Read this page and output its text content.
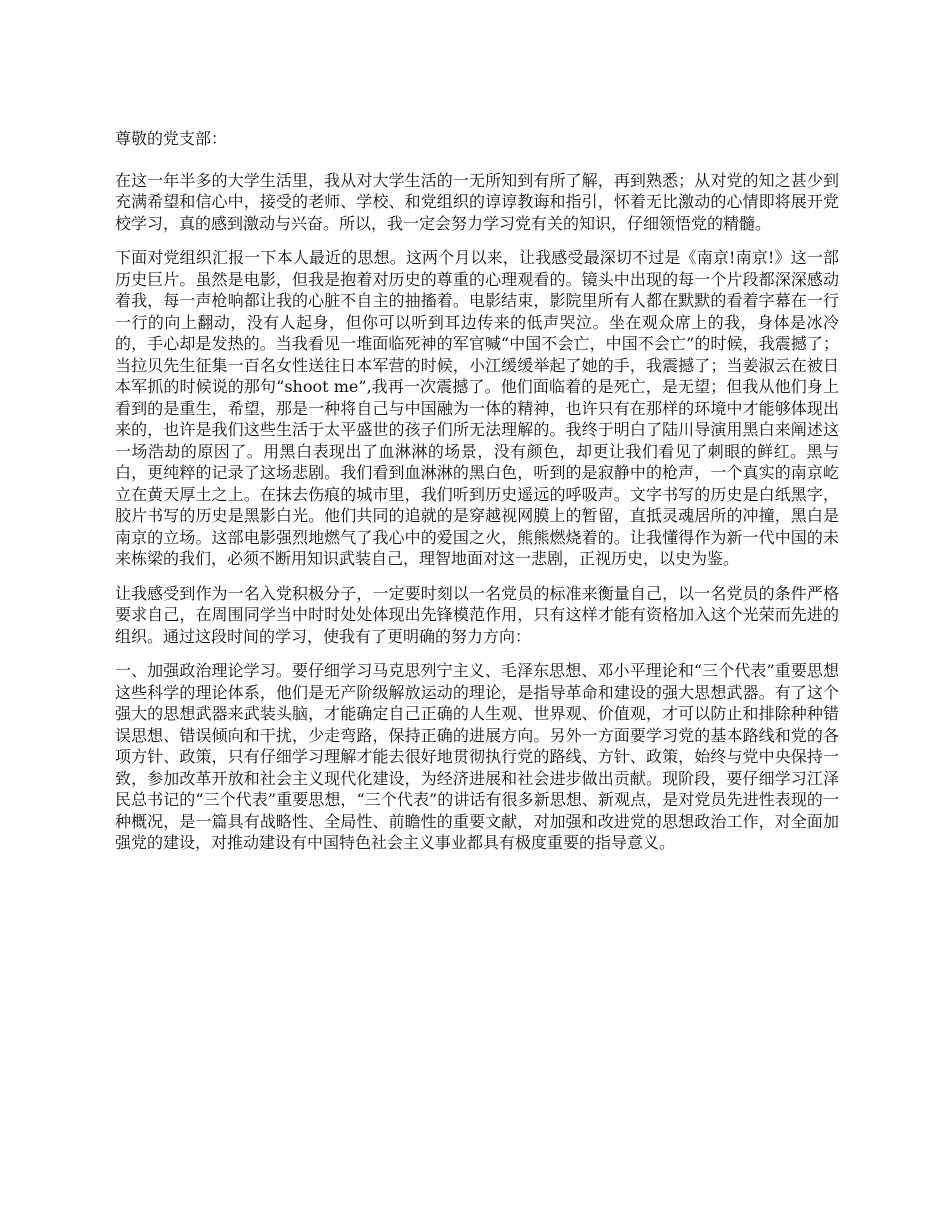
尊敬的党支部：

在这一年半多的大学生活里，我从对大学生活的一无所知到有所了解，再到熟悉；从对党的知之甚少到充满希望和信心中，接受的老师、学校、和党组织的谆谆教诲和指引，怀着无比激动的心情即将展开党校学习，真的感到激动与兴奋。所以，我一定会努力学习党有关的知识，仔细领悟党的精髓。

下面对党组织汇报一下本人最近的思想。这两个月以来，让我感受最深切不过是《南京!南京!》这一部历史巨片。虽然是电影，但我是抱着对历史的尊重的心理观看的。镜头中出现的每一个片段都深深感动着我，每一声枪响都让我的心脏不自主的抽搐着。电影结束，影院里所有人都在默默的看着字幕在一行一行的向上翻动，没有人起身，但你可以听到耳边传来的低声哭泣。坐在观众席上的我，身体是冰冷的，手心却是发热的。当我看见一堆面临死神的军官喊“中国不会亡，中国不会亡”的时候，我震撼了；当拉贝先生征集一百名女性送往日本军营的时候，小江缓缓举起了她的手，我震撼了；当姜淑云在被日本军抓的时候说的那句“shoot me”,我再一次震撼了。他们面临着的是死亡，是无望；但我从他们身上看到的是重生，希望，那是一种将自己与中国融为一体的精神，也许只有在那样的环境中才能够体现出来的，也许是我们这些生活于太平盛世的孩子们所无法理解的。我终于明白了陆川导演用黑白来阐述这一场浩劫的原因了。用黑白表现出了血淋淋的场景，没有颜色，却更让我们看见了刺眼的鲜红。黑与白，更纯粹的记录了这场悲剧。我们看到血淋淋的黑白色，听到的是寂静中的枪声，一个真实的南京屹立在黄天厚土之上。在抹去伤痕的城市里，我们听到历史遥远的呼吸声。文字书写的历史是白纸黑字，胶片书写的历史是黑影白光。他们共同的追就的是穿越视网膜上的暂留，直抵灵魂居所的冲撞，黑白是南京的立场。这部电影强烈地燃气了我心中的爱国之火，熊熊燃烧着的。让我懂得作为新一代中国的未来栋梁的我们，必须不断用知识武装自己，理智地面对这一悲剧，正视历史，以史为鉴。

让我感受到作为一名入党积极分子，一定要时刻以一名党员的标准来衡量自己，以一名党员的条件严格要求自己，在周围同学当中时时处处体现出先锋模范作用，只有这样才能有资格加入这个光荣而先进的组织。通过这段时间的学习，使我有了更明确的努力方向：

一、加强政治理论学习。要仔细学习马克思列宁主义、毛泽东思想、邓小平理论和“三个代表”重要思想这些科学的理论体系，他们是无产阶级解放运动的理论，是指导革命和建设的强大思想武器。有了这个强大的思想武器来武装头脑，才能确定自己正确的人生观、世界观、价值观，才可以防止和排除种种错误思想、错误倾向和干扰，少走弯路，保持正确的进展方向。另外一方面要学习党的基本路线和党的各项方针、政策，只有仔细学习理解才能去很好地贯彻执行党的路线、方针、政策，始终与党中央保持一致，参加改革开放和社会主义现代化建设，为经济进展和社会进步做出贡献。现阶段，要仔细学习江泽民总书记的“三个代表”重要思想，“三个代表”的讲话有很多新思想、新观点，是对党员先进性表现的一种概况，是一篇具有战略性、全局性、前瞻性的重要文献，对加强和改进党的思想政治工作，对全面加强党的建设，对推动建设有中国特色社会主义事业都具有极度重要的指导意义。
